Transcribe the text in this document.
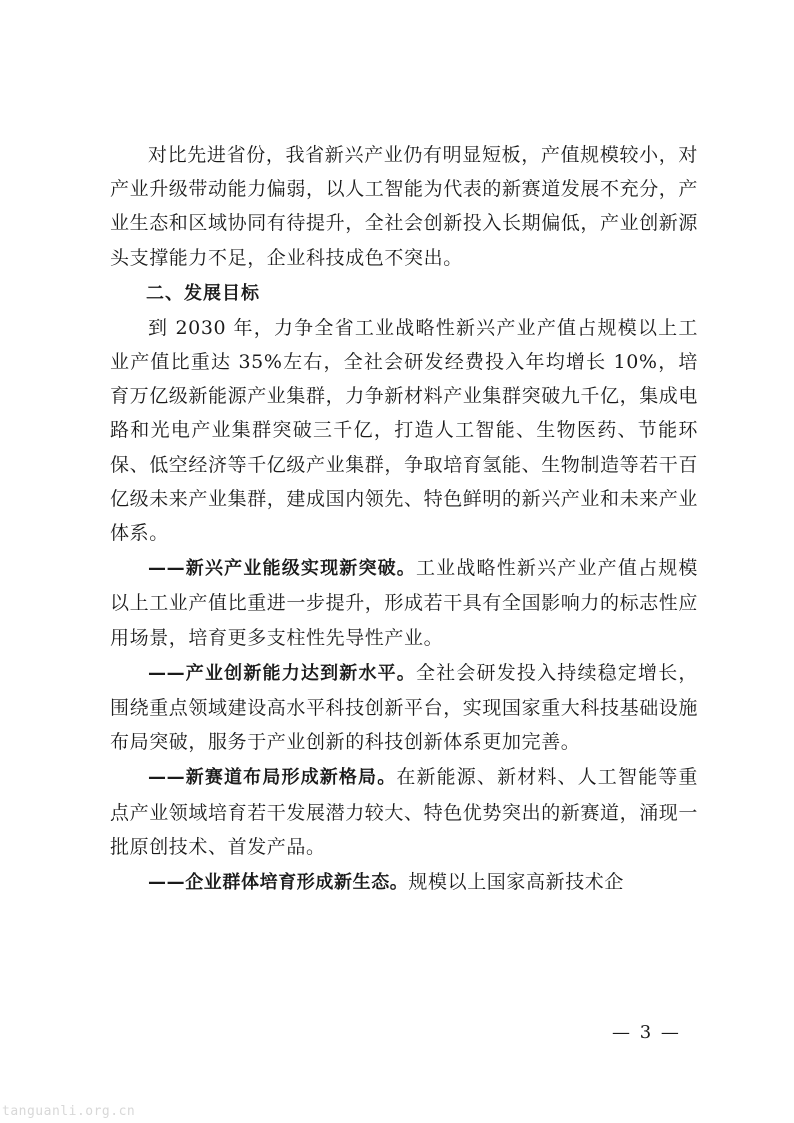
对比先进省份，我省新兴产业仍有明显短板，产值规模较小，对产业升级带动能力偏弱，以人工智能为代表的新赛道发展不充分，产业生态和区域协同有待提升，全社会创新投入长期偏低，产业创新源头支撑能力不足，企业科技成色不突出。

二、发展目标

到 2030 年，力争全省工业战略性新兴产业产值占规模以上工业产值比重达 35%左右，全社会研发经费投入年均增长 10%，培育万亿级新能源产业集群，力争新材料产业集群突破九千亿，集成电路和光电产业集群突破三千亿，打造人工智能、生物医药、节能环保、低空经济等千亿级产业集群，争取培育氢能、生物制造等若干百亿级未来产业集群，建成国内领先、特色鲜明的新兴产业和未来产业体系。

——新兴产业能级实现新突破。工业战略性新兴产业产值占规模以上工业产值比重进一步提升，形成若干具有全国影响力的标志性应用场景，培育更多支柱性先导性产业。

——产业创新能力达到新水平。全社会研发投入持续稳定增长，围绕重点领域建设高水平科技创新平台，实现国家重大科技基础设施布局突破，服务于产业创新的科技创新体系更加完善。

——新赛道布局形成新格局。在新能源、新材料、人工智能等重点产业领域培育若干发展潜力较大、特色优势突出的新赛道，涌现一批原创技术、首发产品。

——企业群体培育形成新生态。规模以上国家高新技术企

— 3 —
tanguanli.org.cn
